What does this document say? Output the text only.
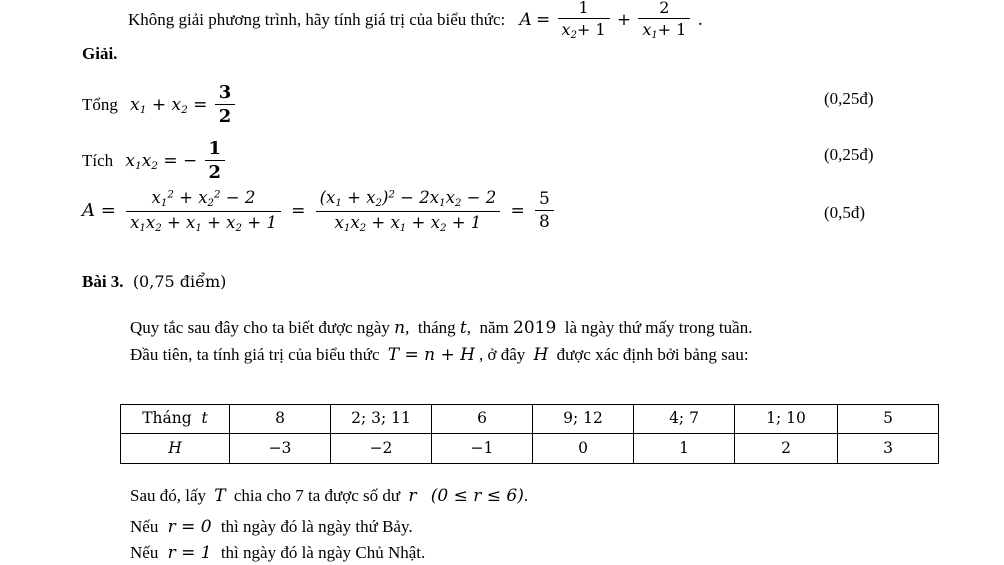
Không giải phương trình, hãy tính giá trị của biểu thức: $A = \frac{1}{x_2+ 1} + \frac{2}{x_1+ 1}$ .
Giải.
Tổng $x_1 + x_2 = \frac{3}{2}$	(0,25đ)
Tích $x_1x_2$ = − $\frac{1}{2}$	(0,25đ)
$A = \frac{x_1^2 + x_2^2 - 2}{x_1x_2 + x_1 + x_2 + 1} = \frac{(x_1 + x_2)^2 - 2x_1x_2 - 2}{x_1x_2 + x_1 + x_2 + 1} = \frac{5}{8}$	(0,5đ)
Bài 3. (0,75 điểm)
Quy tắc sau đây cho ta biết được ngày n,  tháng t,  năm 2019  là ngày thứ mấy trong tuần.
Đầu tiên, ta tính giá trị của biểu thức T = n + H , ở đây H được xác định bởi bảng sau:
Tháng  t	8	2; 3; 11	6	9; 12	4; 7	1; 10	5
H	−3	−2	−1	0	1	2	3
Sau đó, lấy T chia cho 7 ta được số dư r (0 ≤ r ≤ 6).
Nếu r = 0 thì ngày đó là ngày thứ Bảy.
Nếu r = 1 thì ngày đó là ngày Chủ Nhật.
